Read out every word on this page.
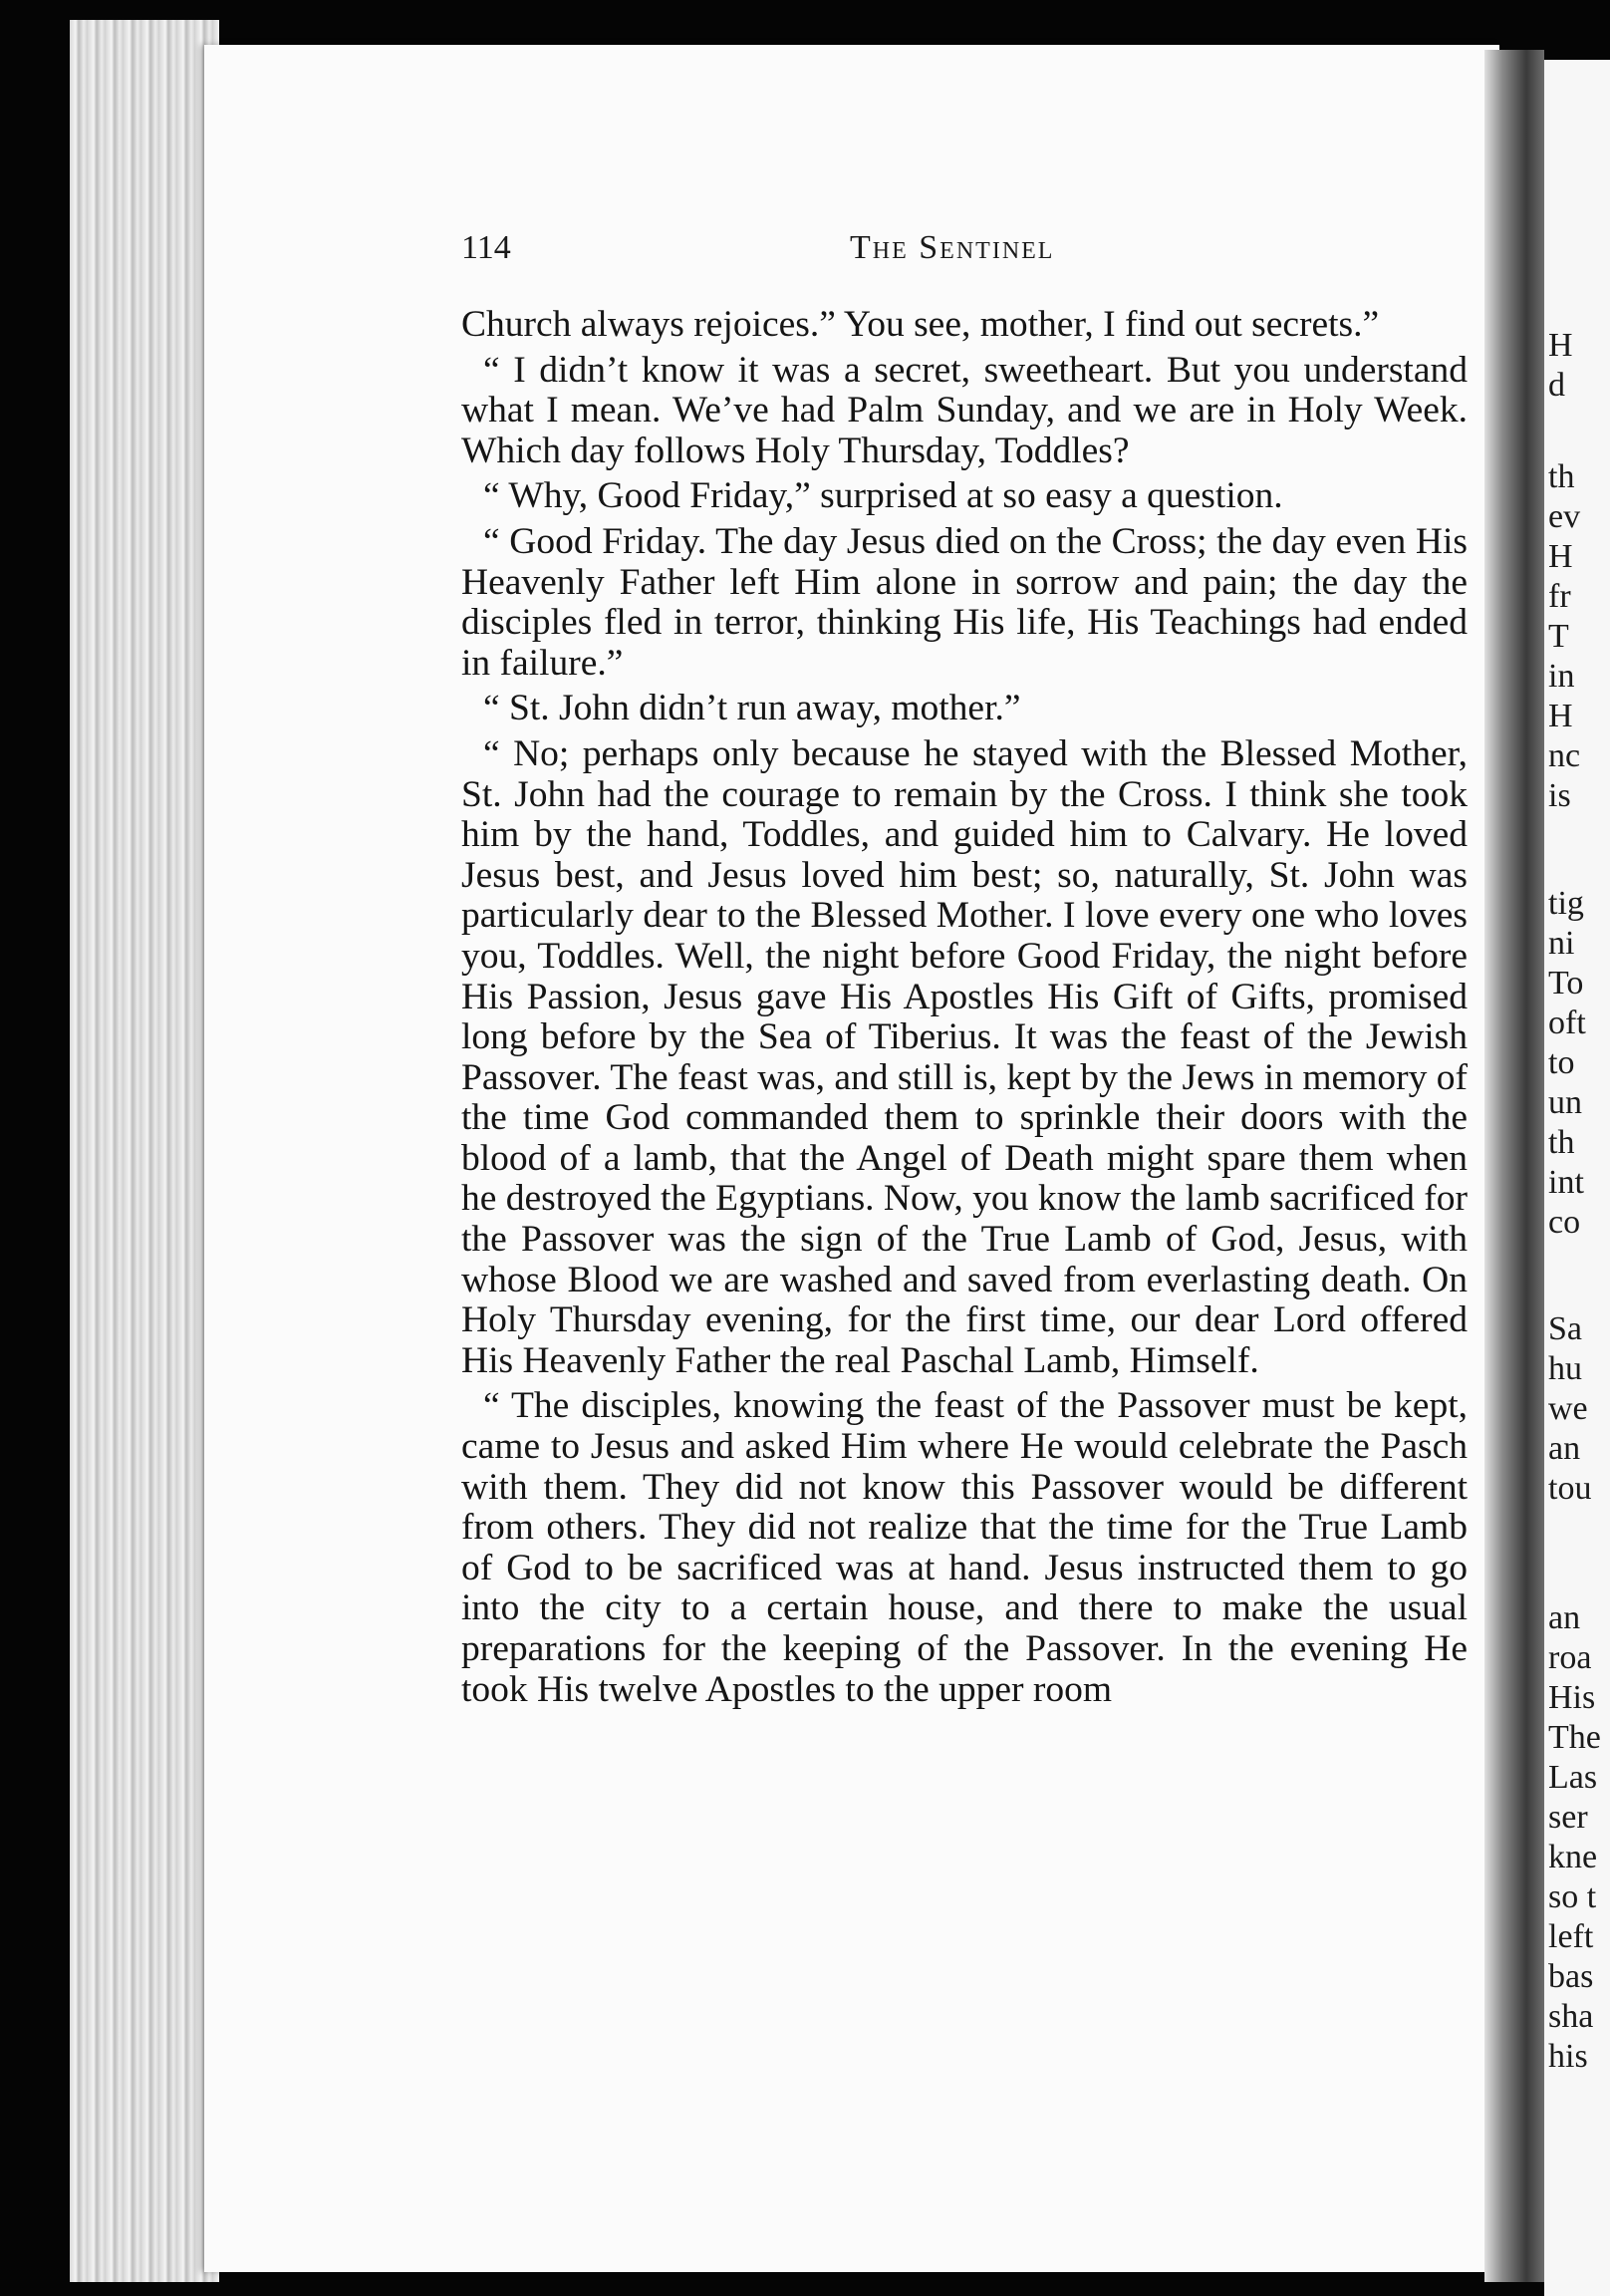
H
d
th
ev
H
fr
T
in
H
nc
is
tig
ni
To
oft
to
un
th
int
co
Sa
hu
we
an
tou
an
roa
His
The
Las
ser
kne
so t
left
bas
sha
his
114	The Sentinel

Church always rejoices.” You see, mother, I find out secrets.”

“ I didn’t know it was a secret, sweetheart. But you understand what I mean. We’ve had Palm Sunday, and we are in Holy Week. Which day follows Holy Thursday, Toddles?

“ Why, Good Friday,” surprised at so easy a question.

“ Good Friday. The day Jesus died on the Cross; the day even His Heavenly Father left Him alone in sorrow and pain; the day the disciples fled in terror, thinking His life, His Teachings had ended in failure.”

“ St. John didn’t run away, mother.”

“ No; perhaps only because he stayed with the Blessed Mother, St. John had the courage to remain by the Cross. I think she took him by the hand, Toddles, and guided him to Calvary. He loved Jesus best, and Jesus loved him best; so, naturally, St. John was particularly dear to the Blessed Mother. I love every one who loves you, Toddles. Well, the night before Good Friday, the night before His Passion, Jesus gave His Apostles His Gift of Gifts, promised long before by the Sea of Tiberius. It was the feast of the Jewish Passover. The feast was, and still is, kept by the Jews in memory of the time God commanded them to sprinkle their doors with the blood of a lamb, that the Angel of Death might spare them when he destroyed the Egyptians. Now, you know the lamb sacrificed for the Passover was the sign of the True Lamb of God, Jesus, with whose Blood we are washed and saved from everlasting death. On Holy Thursday evening, for the first time, our dear Lord offered His Heavenly Father the real Paschal Lamb, Himself.

“ The disciples, knowing the feast of the Passover must be kept, came to Jesus and asked Him where He would celebrate the Pasch with them. They did not know this Passover would be different from others. They did not realize that the time for the True Lamb of God to be sacrificed was at hand. Jesus instructed them to go into the city to a certain house, and there to make the usual preparations for the keeping of the Passover. In the evening He took His twelve Apostles to the upper room
